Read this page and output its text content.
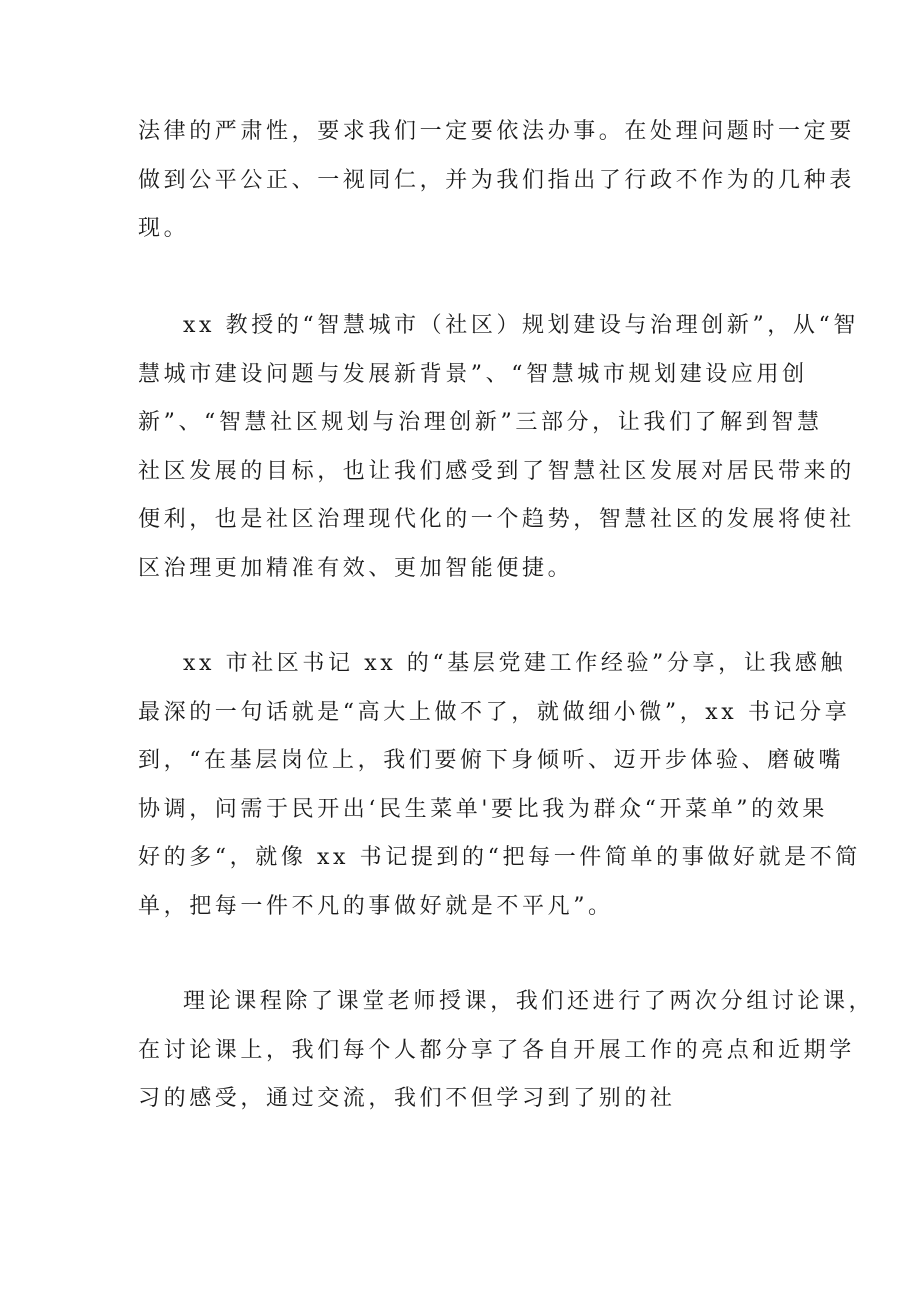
法律的严肃性，要求我们一定要依法办事。在处理问题时一定要
做到公平公正、一视同仁，并为我们指出了行政不作为的几种表
现。
xx 教授的“智慧城市（社区）规划建设与治理创新”，从“智
慧城市建设问题与发展新背景”、“智慧城市规划建设应用创
新”、“智慧社区规划与治理创新”三部分，让我们了解到智慧
社区发展的目标，也让我们感受到了智慧社区发展对居民带来的
便利，也是社区治理现代化的一个趋势，智慧社区的发展将使社
区治理更加精准有效、更加智能便捷。
xx 市社区书记 xx 的“基层党建工作经验”分享，让我感触
最深的一句话就是“高大上做不了，就做细小微”，xx 书记分享
到，“在基层岗位上，我们要俯下身倾听、迈开步体验、磨破嘴
协调，问需于民开出‘民生菜单'要比我为群众“开菜单”的效果
好的多“，就像 xx 书记提到的“把每一件简单的事做好就是不简
单，把每一件不凡的事做好就是不平凡”。
理论课程除了课堂老师授课，我们还进行了两次分组讨论课，
在讨论课上，我们每个人都分享了各自开展工作的亮点和近期学
习的感受，通过交流，我们不但学习到了别的社
